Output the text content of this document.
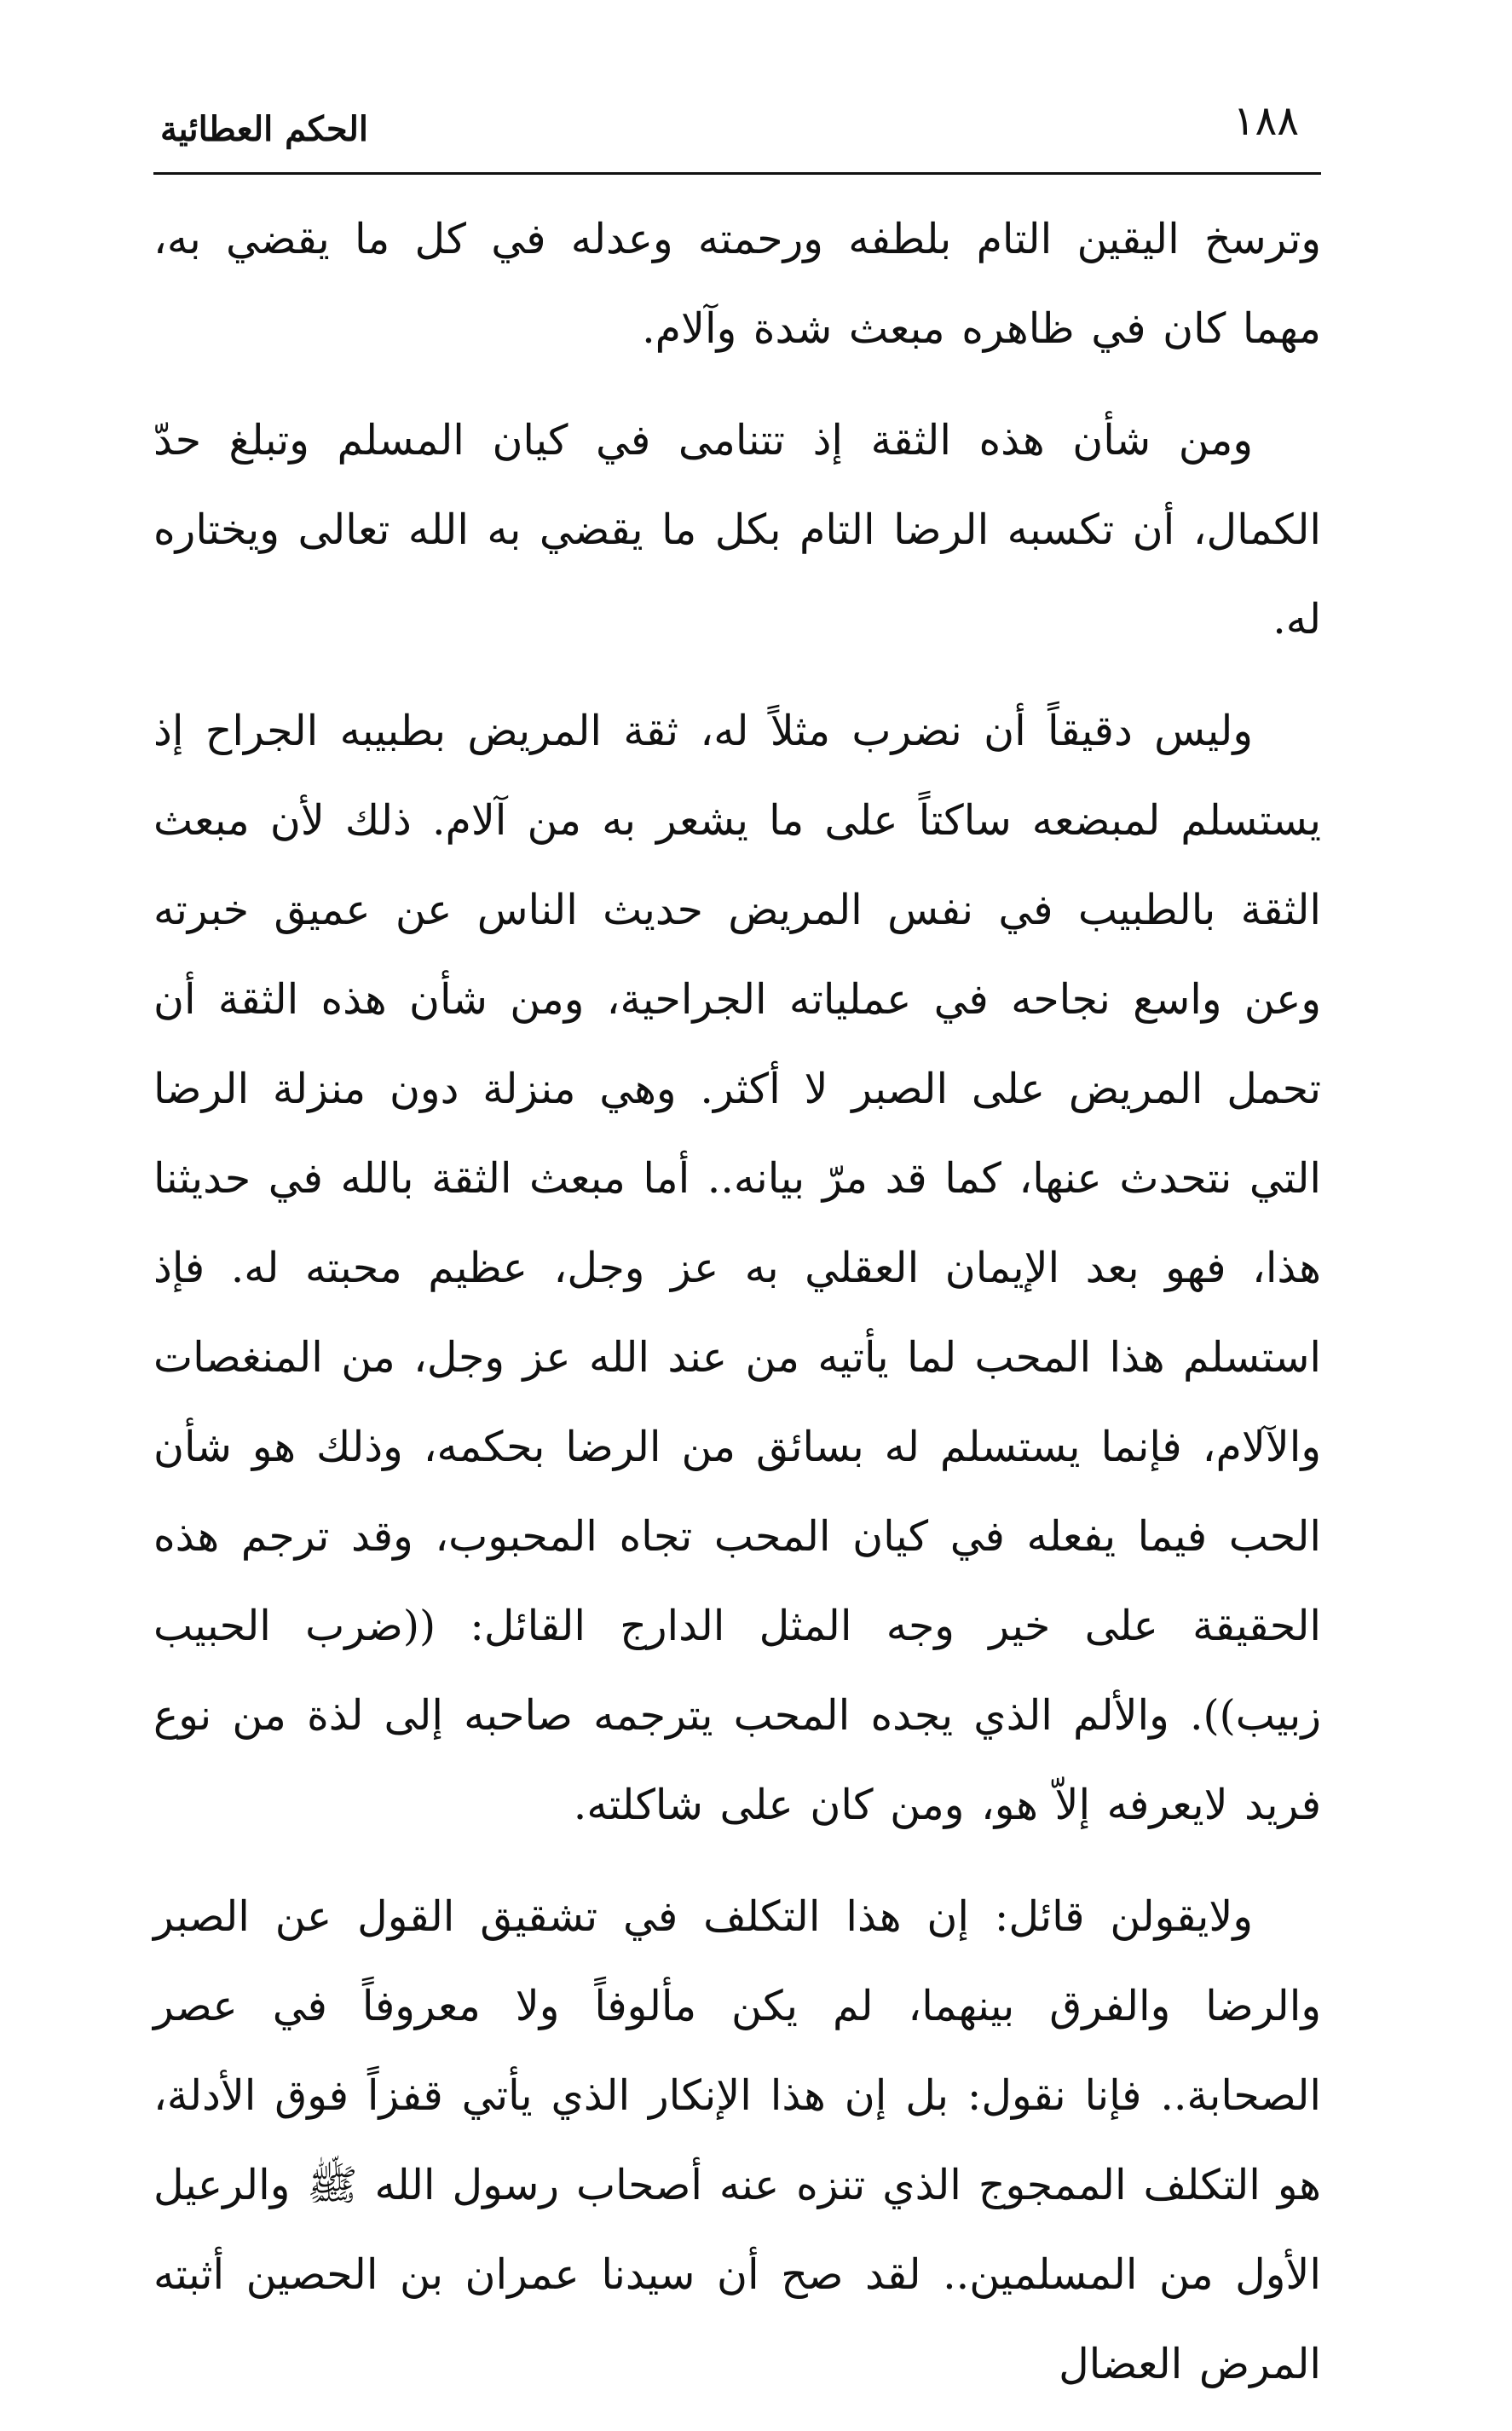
١٨٨
الحكم العطائية

وترسخ اليقين التام بلطفه ورحمته وعدله في كل ما يقضي به، مهما كان في ظاهره مبعث شدة وآلام.

ومن شأن هذه الثقة إذ تتنامى في كيان المسلم وتبلغ حدّ الكمال، أن تكسبه الرضا التام بكل ما يقضي به الله تعالى ويختاره له.

وليس دقيقاً أن نضرب مثلاً له، ثقة المريض بطبيبه الجراح إذ يستسلم لمبضعه ساكتاً على ما يشعر به من آلام. ذلك لأن مبعث الثقة بالطبيب في نفس المريض حديث الناس عن عميق خبرته وعن واسع نجاحه في عملياته الجراحية، ومن شأن هذه الثقة أن تحمل المريض على الصبر لا أكثر. وهي منزلة دون منزلة الرضا التي نتحدث عنها، كما قد مرّ بيانه.. أما مبعث الثقة بالله في حديثنا هذا، فهو بعد الإيمان العقلي به عز وجل، عظيم محبته له. فإذ استسلم هذا المحب لما يأتيه من عند الله عز وجل، من المنغصات والآلام، فإنما يستسلم له بسائق من الرضا بحكمه، وذلك هو شأن الحب فيما يفعله في كيان المحب تجاه المحبوب، وقد ترجم هذه الحقيقة على خير وجه المثل الدارج القائل: ((ضرب الحبيب زبيب)). والألم الذي يجده المحب يترجمه صاحبه إلى لذة من نوع فريد لايعرفه إلاّ هو، ومن كان على شاكلته.

ولايقولن قائل: إن هذا التكلف في تشقيق القول عن الصبر والرضا والفرق بينهما، لم يكن مألوفاً ولا معروفاً في عصر الصحابة.. فإنا نقول: بل إن هذا الإنكار الذي يأتي قفزاً فوق الأدلة، هو التكلف الممجوج الذي تنزه عنه أصحاب رسول الله ﷺ والرعيل الأول من المسلمين.. لقد صح أن سيدنا عمران بن الحصين أثبته المرض العضال
